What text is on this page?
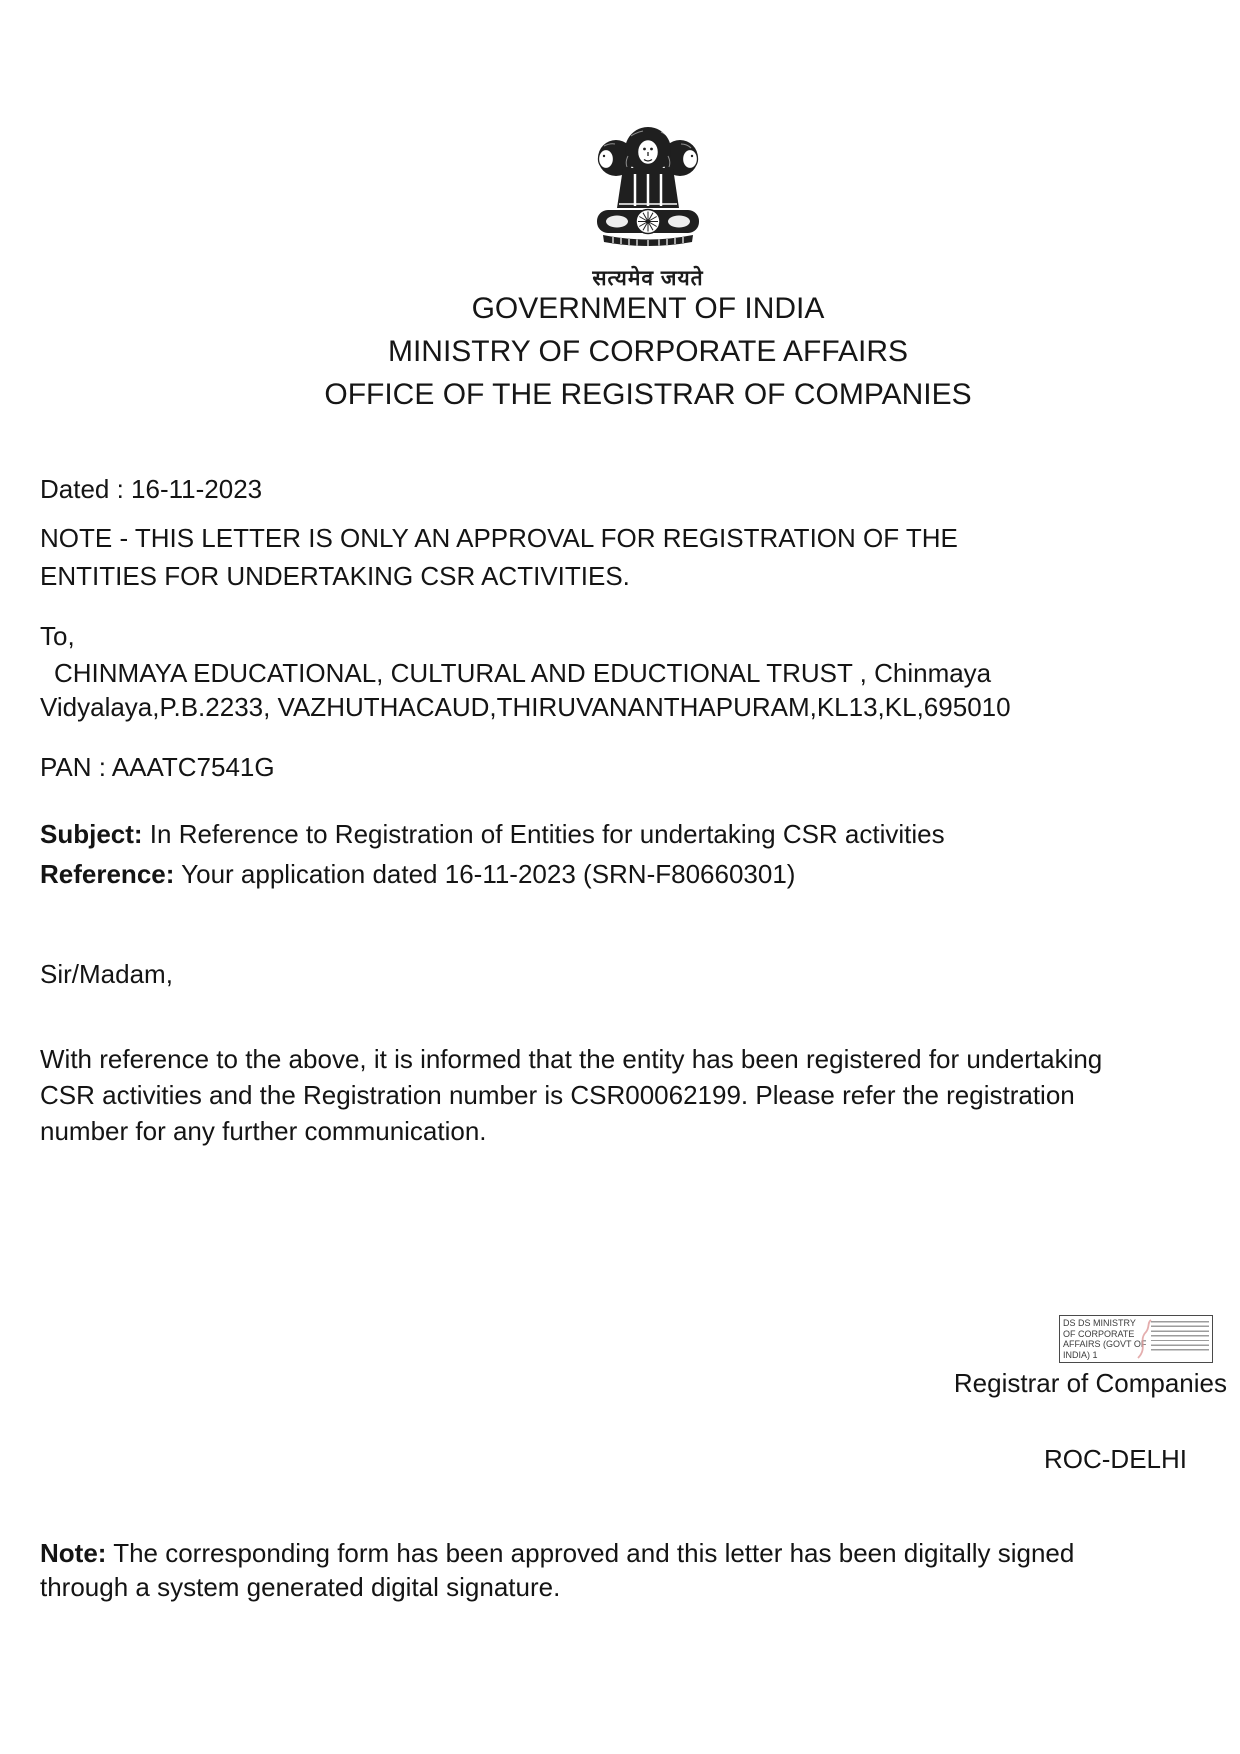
सत्यमेव जयते
GOVERNMENT OF INDIA
MINISTRY OF CORPORATE AFFAIRS
OFFICE OF THE REGISTRAR OF COMPANIES
Dated : 16-11-2023
NOTE - THIS LETTER IS ONLY AN APPROVAL FOR REGISTRATION OF THE
ENTITIES FOR UNDERTAKING CSR ACTIVITIES.
To,
CHINMAYA EDUCATIONAL, CULTURAL AND EDUCTIONAL TRUST , Chinmaya
Vidyalaya,P.B.2233, VAZHUTHACAUD,THIRUVANANTHAPURAM,KL13,KL,695010
PAN : AAATC7541G
Subject: In Reference to Registration of Entities for undertaking CSR activities
Reference: Your application dated 16-11-2023 (SRN-F80660301)
Sir/Madam,
With reference to the above, it is informed that the entity has been registered for undertaking
CSR activities and the Registration number is CSR00062199. Please refer the registration
number for any further communication.
DS DS MINISTRY
OF CORPORATE
AFFAIRS (GOVT OF
INDIA) 1
Registrar of Companies
ROC-DELHI
Note: The corresponding form has been approved and this letter has been digitally signed
through a system generated digital signature.
